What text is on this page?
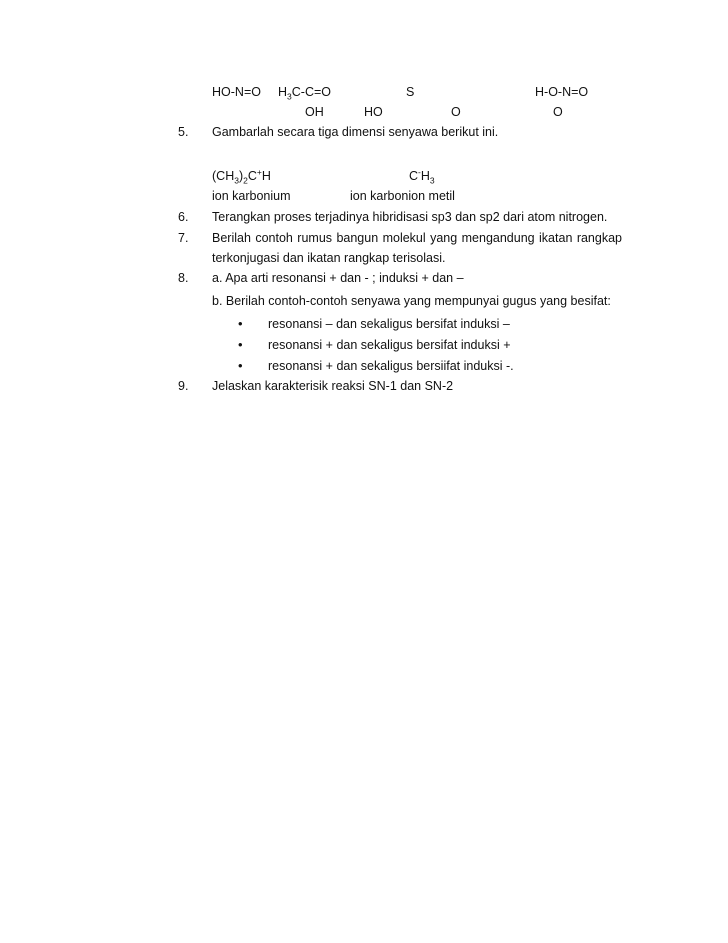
HO-N=O $H_3C-C=O$	S	H-O-N=O
OH	HO	O	O
5. Gambarlah secara tiga dimensi senyawa berikut ini.
$(CH_3)_2C^+H$	$C^-H_3$
ion karbonium	ion karbonion metil
6. Terangkan proses terjadinya hibridisasi sp3 dan sp2 dari atom nitrogen.
7. Berilah contoh rumus bangun molekul yang mengandung ikatan rangkap
terkonjugasi dan ikatan rangkap terisolasi.
8. a. Apa arti resonansi + dan - ; induksi + dan –
b. Berilah contoh-contoh senyawa yang mempunyai gugus yang besifat:
• resonansi – dan sekaligus bersifat induksi –
• resonansi + dan sekaligus bersifat induksi +
• resonansi + dan sekaligus bersiifat induksi -.
9. Jelaskan karakterisik reaksi SN-1 dan SN-2
